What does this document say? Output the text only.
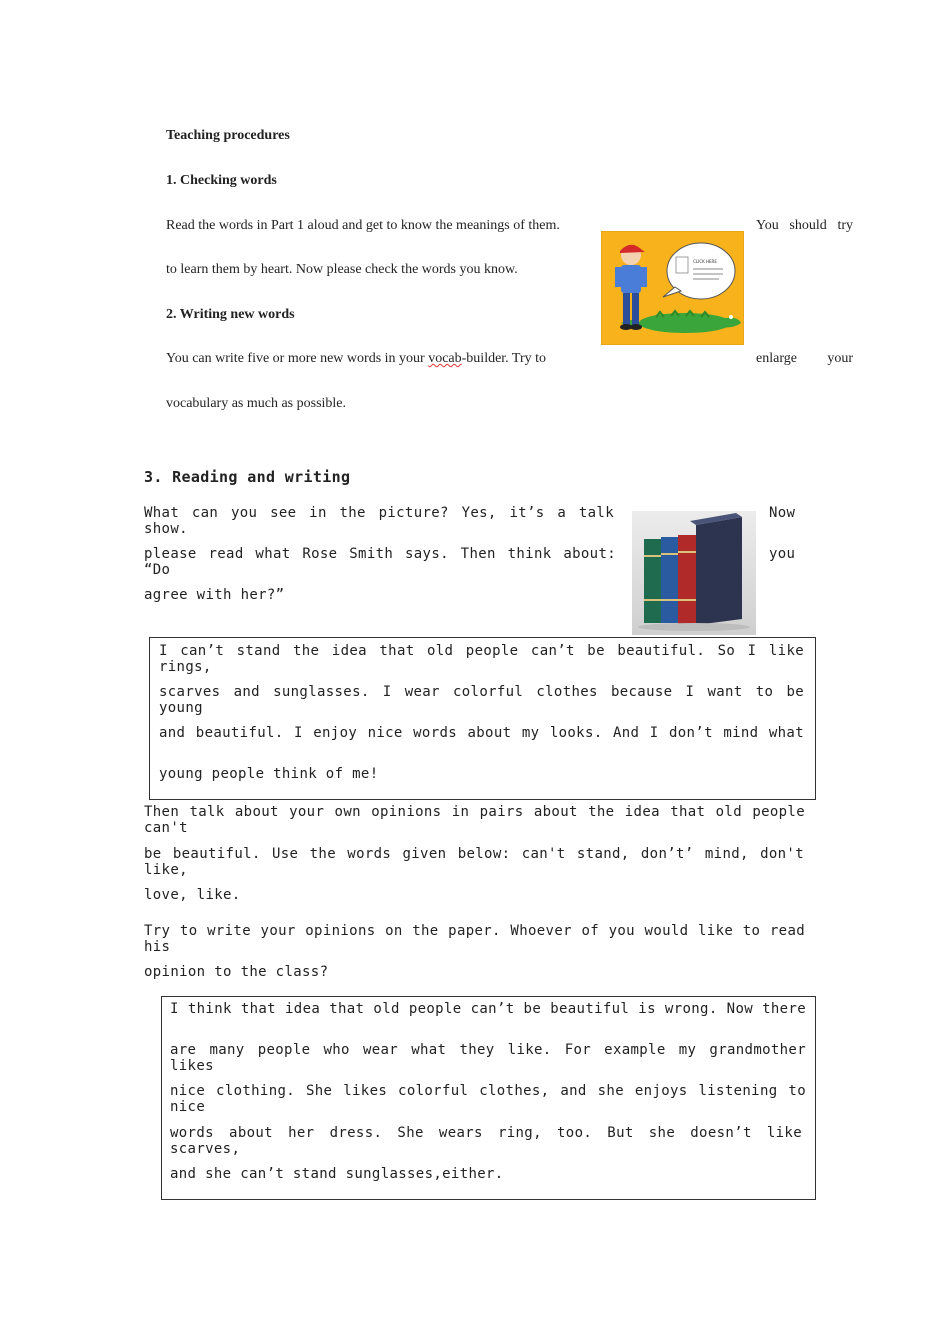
Teaching procedures
1. Checking words
Read the words in Part 1 aloud and get to know the meanings of them.	You should try
to learn them by heart. Now please check the words you know.
2. Writing new words
You can write five or more new words in your vocab-builder. Try to	enlarge your
vocabulary as much as possible.
CLICK HERE
3. Reading and writing
What can you see in the picture? Yes, it’s a talk show.
Now
please read what Rose Smith says. Then think about: “Do
you
agree with her?”
I can’t stand the idea that old people can’t be beautiful. So I like rings,
scarves and sunglasses. I wear colorful clothes because I want to be young
and beautiful. I enjoy nice words about my looks. And I don’t mind what
young people think of me!
Then talk about your own opinions in pairs about the idea that old people can't
be beautiful. Use the words given below: can't stand, don’t’ mind, don't like,
love, like.
Try to write your opinions on the paper. Whoever of you would like to read his
opinion to the class?
I think that idea that old people can’t be beautiful is wrong. Now there
are many people who wear what they like. For example my grandmother likes
nice clothing. She likes colorful clothes, and she enjoys listening to nice
words about her dress. She wears ring, too. But she doesn’t like scarves,
and she can’t stand sunglasses,either.
